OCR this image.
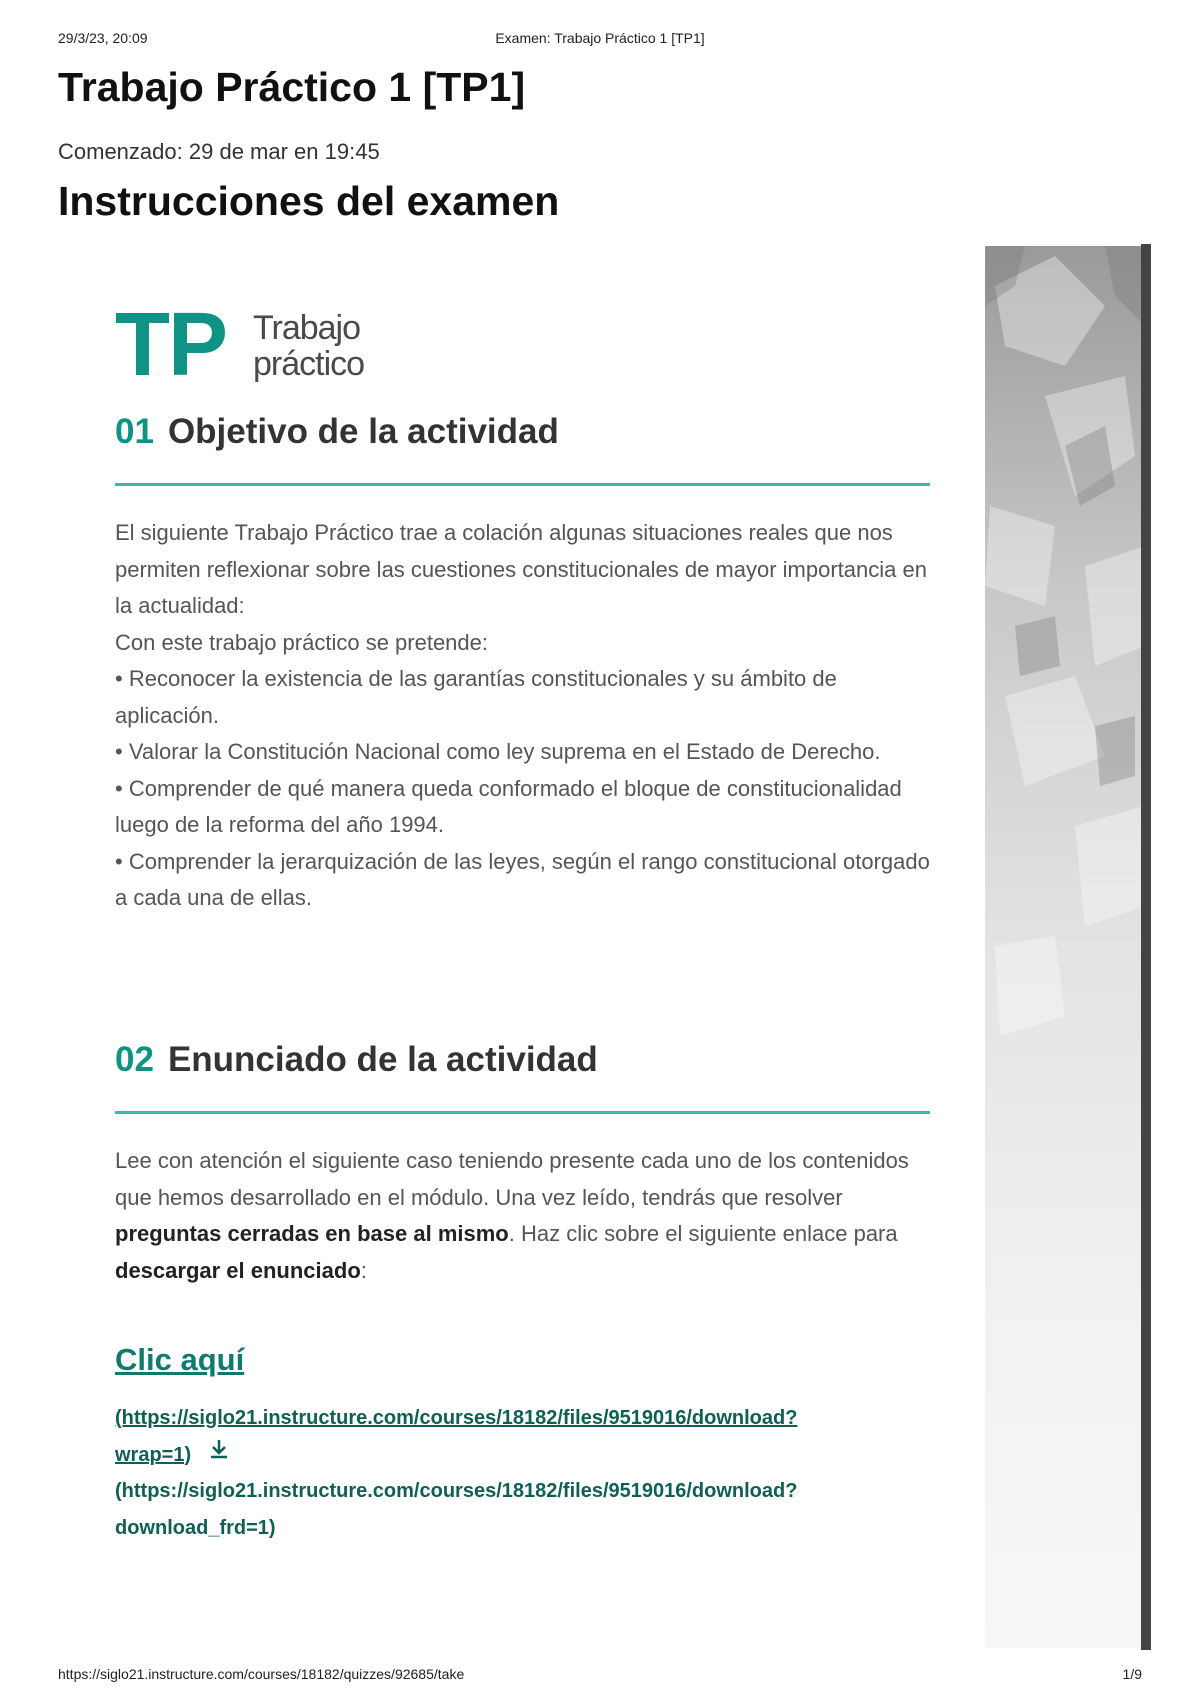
29/3/23, 20:09	Examen: Trabajo Práctico 1 [TP1]
Trabajo Práctico 1 [TP1]
Comenzado: 29 de mar en 19:45
Instrucciones del examen
TP Trabajo
práctico
01 Objetivo de la actividad

El siguiente Trabajo Práctico trae a colación algunas situaciones reales que nos permiten reflexionar sobre las cuestiones constitucionales de mayor importancia en la actualidad:

Con este trabajo práctico se pretende:

• Reconocer la existencia de las garantías constitucionales y su ámbito de aplicación.

• Valorar la Constitución Nacional como ley suprema en el Estado de Derecho.

• Comprender de qué manera queda conformado el bloque de constitucionalidad luego de la reforma del año 1994.

• Comprender la jerarquización de las leyes, según el rango constitucional otorgado a cada una de ellas.

02 Enunciado de la actividad

Lee con atención el siguiente caso teniendo presente cada uno de los contenidos que hemos desarrollado en el módulo. Una vez leído, tendrás que resolver preguntas cerradas en base al mismo. Haz clic sobre el siguiente enlace para descargar el enunciado:

Clic aquí
(https://siglo21.instructure.com/courses/18182/files/9519016/download?
wrap=1)
(https://siglo21.instructure.com/courses/18182/files/9519016/download?
download_frd=1)
https://siglo21.instructure.com/courses/18182/quizzes/92685/take	1/9
